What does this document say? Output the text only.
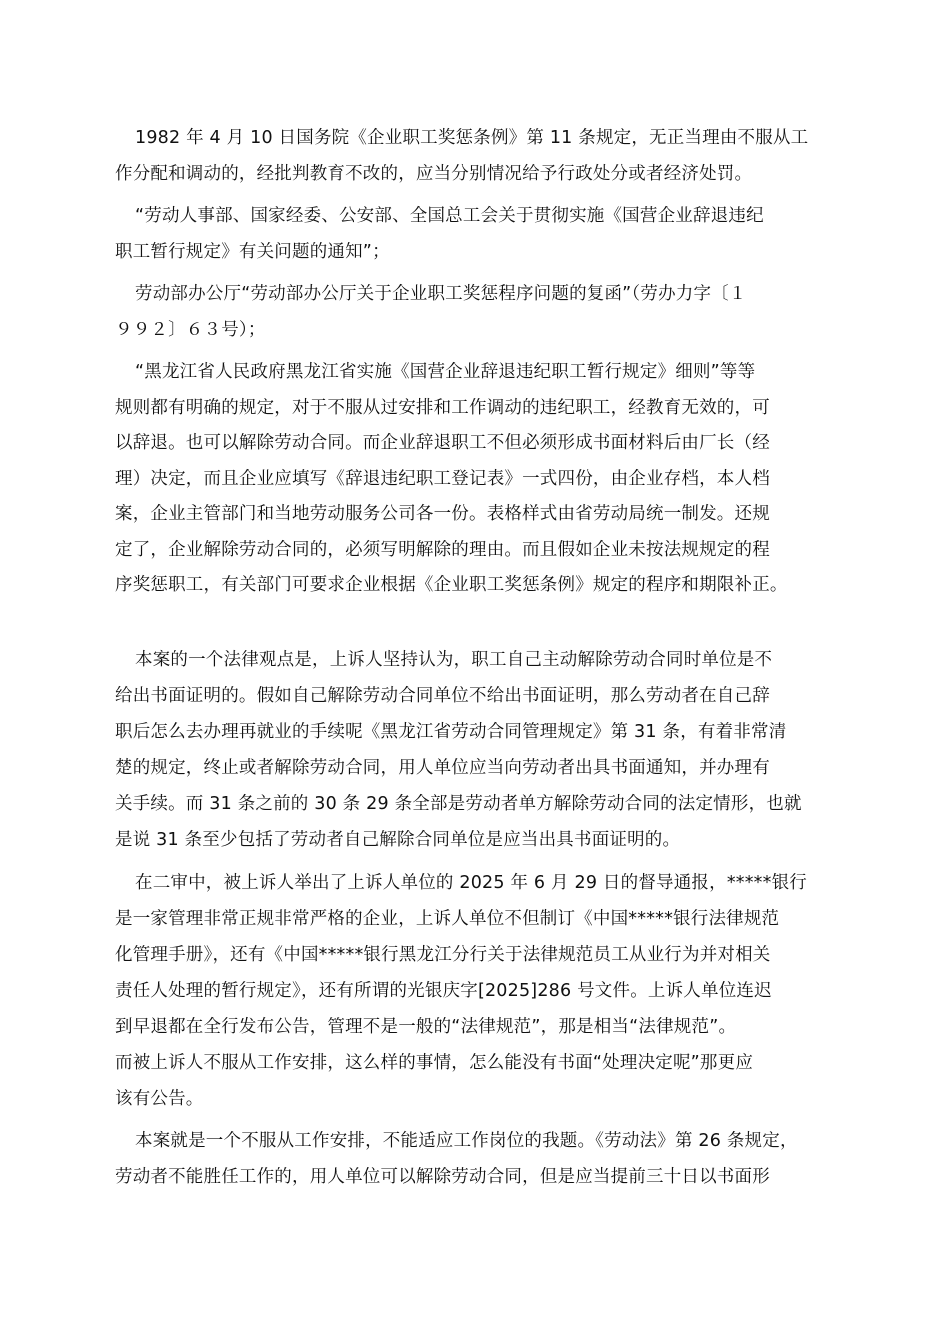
1982 年 4 月 10 日国务院《企业职工奖惩条例》第 11 条规定，无正当理由不服从工
作分配和调动的，经批判教育不改的，应当分别情况给予行政处分或者经济处罚。
“劳动人事部、国家经委、公安部、全国总工会关于贯彻实施《国营企业辞退违纪
职工暂行规定》有关问题的通知”；
劳动部办公厅“劳动部办公厅关于企业职工奖惩程序问题的复函”（劳办力字〔１
９９２〕６３号）；
“黑龙江省人民政府黑龙江省实施《国营企业辞退违纪职工暂行规定》细则”等等
规则都有明确的规定，对于不服从过安排和工作调动的违纪职工，经教育无效的，可
以辞退。也可以解除劳动合同。而企业辞退职工不但必须形成书面材料后由厂长（经
理）决定，而且企业应填写《辞退违纪职工登记表》一式四份，由企业存档，本人档
案，企业主管部门和当地劳动服务公司各一份。表格样式由省劳动局统一制发。还规
定了，企业解除劳动合同的，必须写明解除的理由。而且假如企业未按法规规定的程
序奖惩职工，有关部门可要求企业根据《企业职工奖惩条例》规定的程序和期限补正。
本案的一个法律观点是，上诉人坚持认为，职工自己主动解除劳动合同时单位是不
给出书面证明的。假如自己解除劳动合同单位不给出书面证明，那么劳动者在自己辞
职后怎么去办理再就业的手续呢《黑龙江省劳动合同管理规定》第 31 条，有着非常清
楚的规定，终止或者解除劳动合同，用人单位应当向劳动者出具书面通知，并办理有
关手续。而 31 条之前的 30 条 29 条全部是劳动者单方解除劳动合同的法定情形，也就
是说 31 条至少包括了劳动者自己解除合同单位是应当出具书面证明的。
在二审中，被上诉人举出了上诉人单位的 2025 年 6 月 29 日的督导通报，*****银行
是一家管理非常正规非常严格的企业，上诉人单位不但制订《中国*****银行法律规范
化管理手册》，还有《中国*****银行黑龙江分行关于法律规范员工从业行为并对相关
责任人处理的暂行规定》，还有所谓的光银庆字[2025]286 号文件。上诉人单位连迟
到早退都在全行发布公告，管理不是一般的“法律规范”，那是相当“法律规范”。
而被上诉人不服从工作安排，这么样的事情，怎么能没有书面“处理决定呢”那更应
该有公告。
本案就是一个不服从工作安排，不能适应工作岗位的我题。《劳动法》第 26 条规定，
劳动者不能胜任工作的，用人单位可以解除劳动合同，但是应当提前三十日以书面形
